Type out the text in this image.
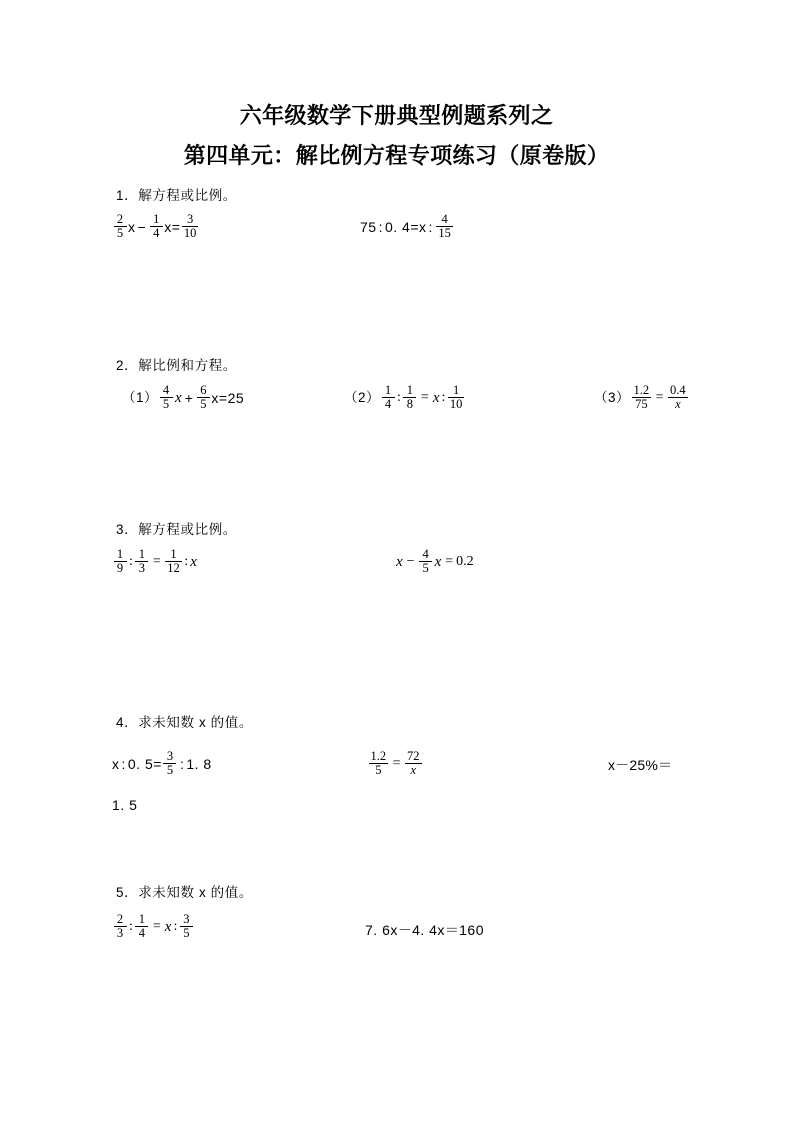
六年级数学下册典型例题系列之
第四单元：解比例方程专项练习（原卷版）
1．解方程或比例。
$\frac{2}{5}$ $x - \frac{1}{4}$ $x = \frac{3}{10}$	75 : 0. 4 = x : $\frac{4}{15}$
2．解比例和方程。
$(1) \frac{4}{5}$ $x + \frac{6}{5}$ x = 25	$(2) \frac{1}{4}$ : $\frac{1}{8} = x$ : $\frac{1}{10}$	$(3) \frac{1.2}{75} = \frac{0.4}{x}$
3．解方程或比例。
$\frac{1}{9}$ : $\frac{1}{3} = \frac{1}{12}$ : x	$x - \frac{4}{5}$ x = 0.2
4．求未知数 x 的值。
x : 0. $5 = \frac{3}{5}$ : 1. 8	$\frac{1.2}{5} = \frac{72}{x}$	x－25%＝
1. 5
5．求未知数 x 的值。
$\frac{2}{3}$ : $\frac{1}{4} = x$ : $\frac{3}{5}$	7. 6x － 4. 4x ＝ 160
